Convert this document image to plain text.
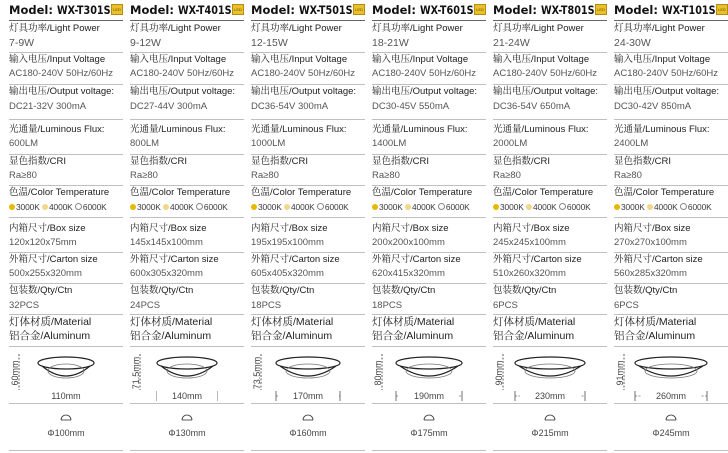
Model: WX-T301S LED
灯具功率/Light Power
7-9W
输入电压/Input Voltage
AC180-240V 50Hz/60Hz
输出电压/Output voltage:
DC21-32V 300mA
光通量/Luminous Flux:
600LM
显色指数/CRI
Ra≥80
色温/Color Temperature
内箱尺寸/Box size
120x120x75mm
外箱尺寸/Carton size
500x255x320mm
包装数/Qty/Ctn
32PCS
灯体材质/Material
铝合金/Aluminum
3000K 4000K 6000K
60mm
110mm
Φ100mm
Model: WX-T401S LED
灯具功率/Light Power
9-12W
输入电压/Input Voltage
AC180-240V 50Hz/60Hz
输出电压/Output voltage:
DC27-44V 300mA
光通量/Luminous Flux:
800LM
显色指数/CRI
Ra≥80
色温/Color Temperature
内箱尺寸/Box size
145x145x100mm
外箱尺寸/Carton size
600x305x320mm
包装数/Qty/Ctn
24PCS
灯体材质/Material
铝合金/Aluminum
3000K 4000K 6000K
71.5mm
140mm
Φ130mm
Model: WX-T501S LED
灯具功率/Light Power
12-15W
输入电压/Input Voltage
AC180-240V 50Hz/60Hz
输出电压/Output voltage:
DC36-54V 300mA
光通量/Luminous Flux:
1000LM
显色指数/CRI
Ra≥80
色温/Color Temperature
内箱尺寸/Box size
195x195x100mm
外箱尺寸/Carton size
605x405x320mm
包装数/Qty/Ctn
18PCS
灯体材质/Material
铝合金/Aluminum
3000K 4000K 6000K
73.5mm
170mm
Φ160mm
Model: WX-T601S LED
灯具功率/Light Power
18-21W
输入电压/Input Voltage
AC180-240V 50Hz/60Hz
输出电压/Output voltage:
DC30-45V 550mA
光通量/Luminous Flux:
1400LM
显色指数/CRI
Ra≥80
色温/Color Temperature
内箱尺寸/Box size
200x200x100mm
外箱尺寸/Carton size
620x415x320mm
包装数/Qty/Ctn
18PCS
灯体材质/Material
铝合金/Aluminum
3000K 4000K 6000K
80mm
190mm
Φ175mm
Model: WX-T801S LED
灯具功率/Light Power
21-24W
输入电压/Input Voltage
AC180-240V 50Hz/60Hz
输出电压/Output voltage:
DC36-54V 650mA
光通量/Luminous Flux:
2000LM
显色指数/CRI
Ra≥80
色温/Color Temperature
内箱尺寸/Box size
245x245x100mm
外箱尺寸/Carton size
510x260x320mm
包装数/Qty/Ctn
6PCS
灯体材质/Material
铝合金/Aluminum
3000K 4000K 6000K
90mm
230mm
Φ215mm
Model: WX-T101S LED
灯具功率/Light Power
24-30W
输入电压/Input Voltage
AC180-240V 50Hz/60Hz
输出电压/Output voltage:
DC30-42V 850mA
光通量/Luminous Flux:
2400LM
显色指数/CRI
Ra≥80
色温/Color Temperature
内箱尺寸/Box size
270x270x100mm
外箱尺寸/Carton size
560x285x320mm
包装数/Qty/Ctn
6PCS
灯体材质/Material
铝合金/Aluminum
3000K 4000K 6000K
91mm
260mm
Φ245mm
